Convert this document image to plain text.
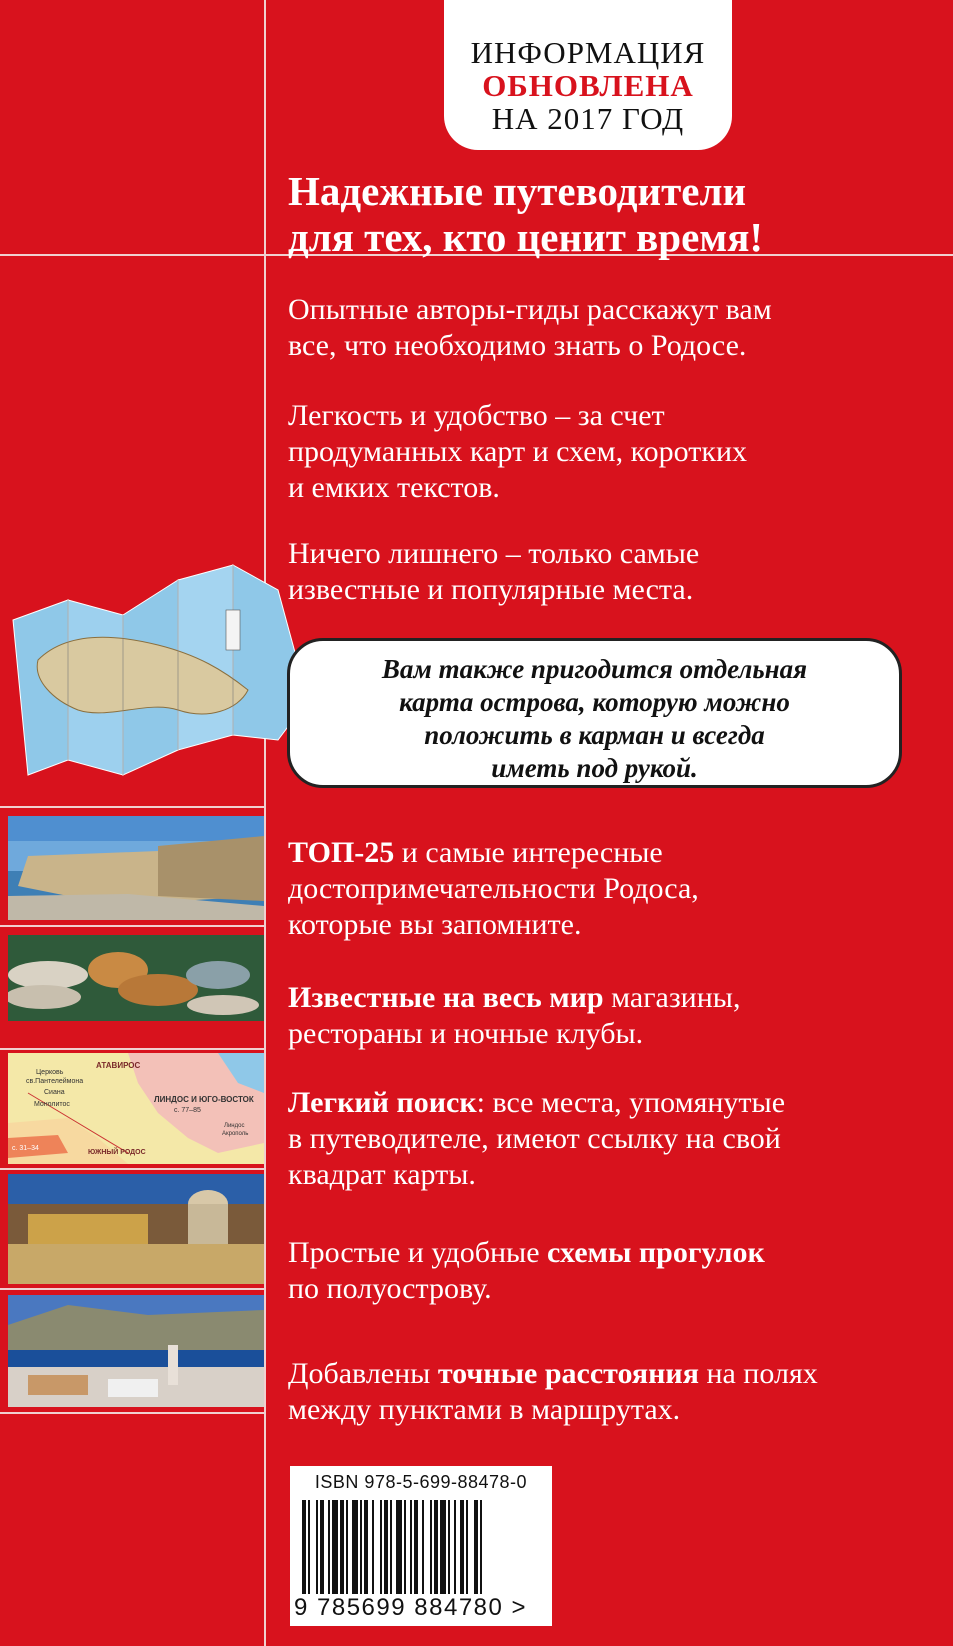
ИНФОРМАЦИЯ
ОБНОВЛЕНА
НА 2017 ГОД
Надежные путеводители
для тех, кто ценит время!
Опытные авторы-гиды расскажут вам
все, что необходимо знать о Родосе.
Легкость и удобство – за счет
продуманных карт и схем, коротких
и емких текстов.
Ничего лишнего – только самые
известные и популярные места.
Вам также пригодится отдельная
карта острова, которую можно
положить в карман и всегда
иметь под рукой.
АТАВИРОС
Церковь
св.Пантелеймона
Сиана
Монолитос
ЛИНДОС И ЮГО-ВОСТОК
с. 77–85
Линдос
Акрополь
ЮЖНЫЙ РОДОС
с. 31–34
ТОП-25 и самые интересные
достопримечательности Родоса,
которые вы запомните.
Известные на весь мир магазины,
рестораны и ночные клубы.
Легкий поиск: все места, упомянутые
в путеводителе, имеют ссылку на свой
квадрат карты.
Простые и удобные схемы прогулок
по полуострову.
Добавлены точные расстояния на полях
между пунктами в маршрутах.
ISBN 978-5-699-88478-0
9 785699 884780 >
